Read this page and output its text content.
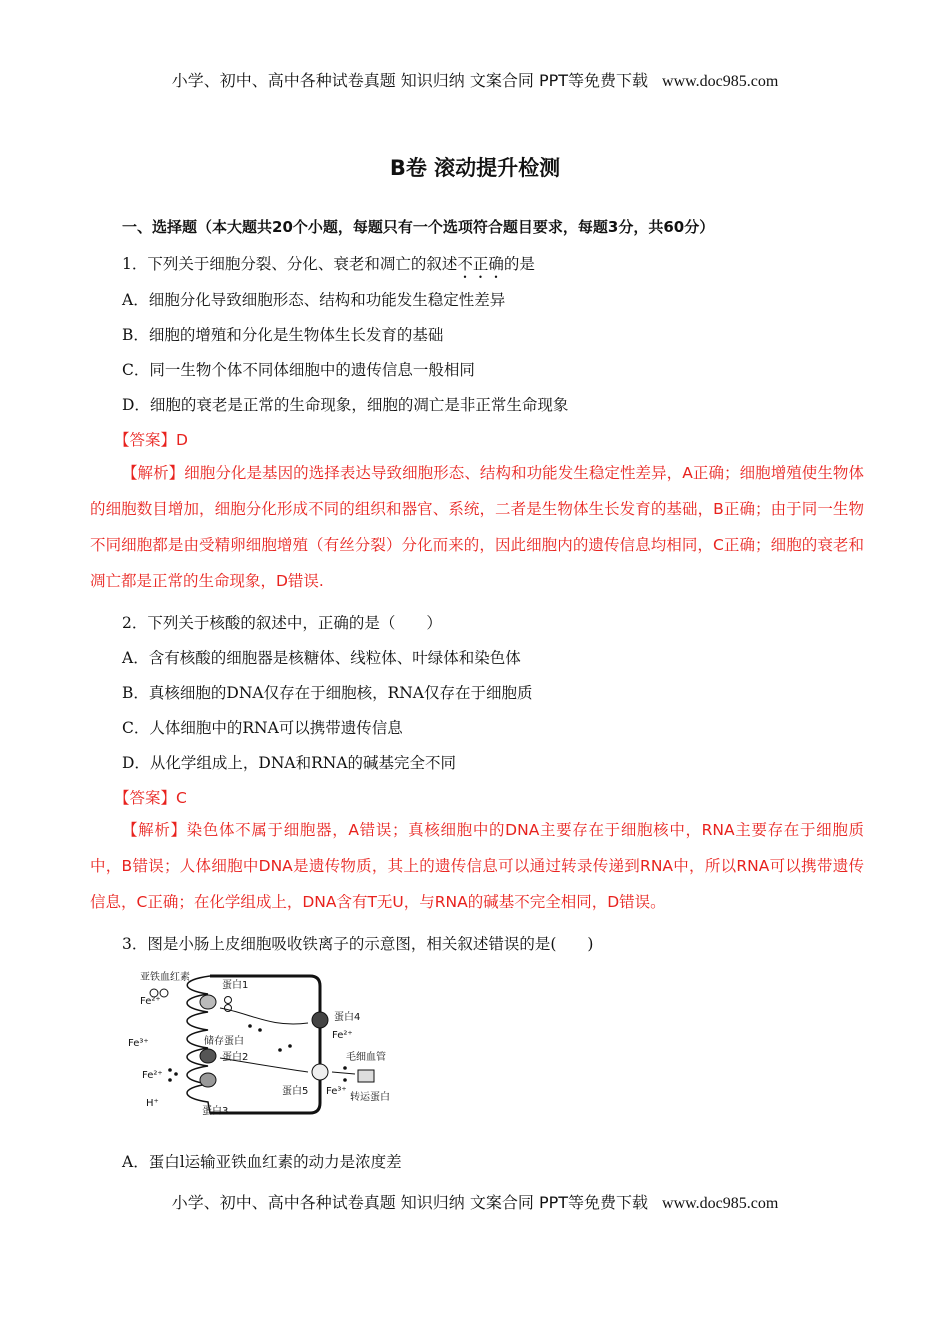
小学、初中、高中各种试卷真题 知识归纳 文案合同 PPT等免费下载 www.doc985.com
B卷 滚动提升检测
一、选择题（本大题共20个小题，每题只有一个选项符合题目要求，每题3分，共60分）
1．下列关于细胞分裂、分化、衰老和凋亡的叙述不正确的是
A．细胞分化导致细胞形态、结构和功能发生稳定性差异
B．细胞的增殖和分化是生物体生长发育的基础
C．同一生物个体不同体细胞中的遗传信息一般相同
D．细胞的衰老是正常的生命现象，细胞的凋亡是非正常生命现象
【答案】D
【解析】细胞分化是基因的选择表达导致细胞形态、结构和功能发生稳定性差异，A正确；细胞增殖使生物体的细胞数目增加，细胞分化形成不同的组织和器官、系统，二者是生物体生长发育的基础，B正确；由于同一生物不同细胞都是由受精卵细胞增殖（有丝分裂）分化而来的，因此细胞内的遗传信息均相同，C正确；细胞的衰老和凋亡都是正常的生命现象，D错误.
2．下列关于核酸的叙述中，正确的是（　　）
A．含有核酸的细胞器是核糖体、线粒体、叶绿体和染色体
B．真核细胞的DNA仅存在于细胞核，RNA仅存在于细胞质
C．人体细胞中的RNA可以携带遗传信息
D．从化学组成上，DNA和RNA的碱基完全不同
【答案】C
【解析】染色体不属于细胞器，A错误；真核细胞中的DNA主要存在于细胞核中，RNA主要存在于细胞质中，B错误；人体细胞中DNA是遗传物质，其上的遗传信息可以通过转录传递到RNA中，所以RNA可以携带遗传信息，C正确；在化学组成上，DNA含有T无U，与RNA的碱基不完全相同，D错误。
3．图是小肠上皮细胞吸收铁离子的示意图，相关叙述错误的是(　　)
亚铁血红素
Fe²⁺
蛋白1
蛋白4
Fe³⁺	储存蛋白
蛋白2
Fe²⁺
毛细血管
Fe²⁺
蛋白5
H⁺
Fe³⁺
转运蛋白
蛋白3
A．蛋白l运输亚铁血红素的动力是浓度差
小学、初中、高中各种试卷真题 知识归纳 文案合同 PPT等免费下载 www.doc985.com
